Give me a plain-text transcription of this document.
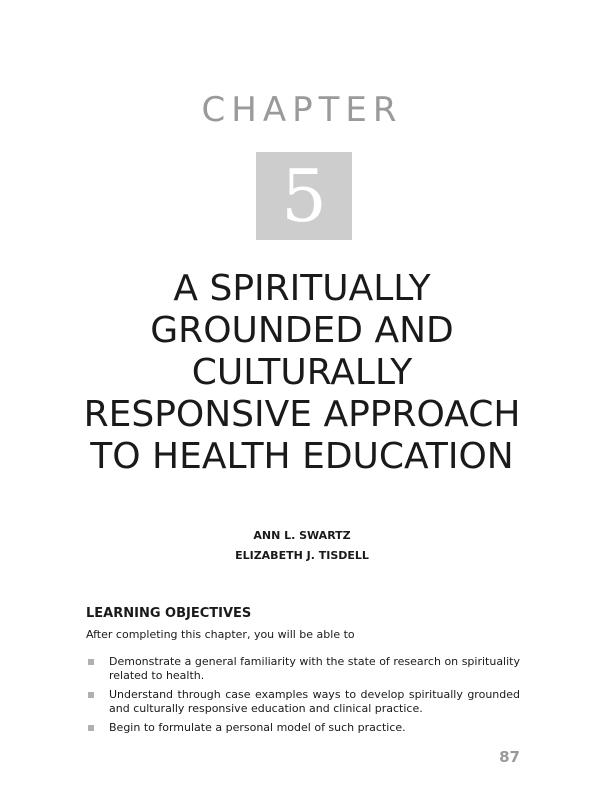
CHAPTER
5
A SPIRITUALLY
GROUNDED AND
CULTURALLY
RESPONSIVE APPROACH
TO HEALTH EDUCATION
ANN L. SWARTZ
ELIZABETH J. TISDELL
LEARNING OBJECTIVES
After completing this chapter, you will be able to
Demonstrate a general familiarity with the state of research on spirituality related to health.
Understand through case examples ways to develop spiritually grounded and culturally responsive education and clinical practice.
Begin to formulate a personal model of such practice.
87
